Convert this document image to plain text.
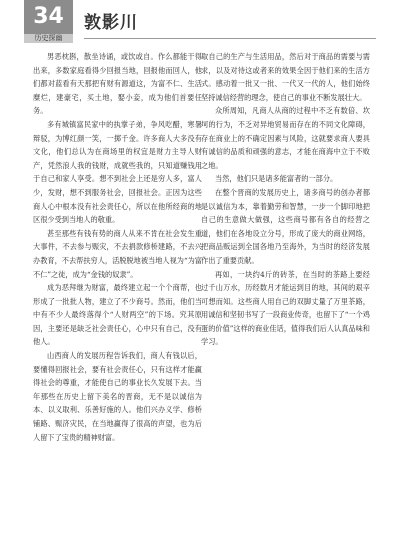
34
历史探幽
敦影川

男恶枕斟，散坐诗诵，或饮或自。作么都能干得出来，多数家庭看得少回报当地，回报他而回人，他们都对蓝看有天那把有财有源道这，为富不仁、生活糜烂，建豪宅，买土地，娶小妾，成为他们首要任务。

多有城镇富民家中的执掌子弟，争风吃醋，寒暑辩驳，为博红颜一笑，一掷千金。许多商人大多没有文化，他们总认为在商场里的权宜是财力主导人财产，凭然浪人我的钱财，成就些我的，只知道赚钱用于自己和家人享受。想不到社会上还是穷人多，富人少，发财，想不到服务社会，回报社会。正因为这些商人心中根本没有社会责任心，所以在他所经商的地区很少受到当地人的敬重。

甚至那些有钱有势的商人从来不肯在社会发生重大事件，不去参与赈灾，不去捐款修桥建路，不去兴办教育，不去帮扶穷人，活脱脱地被当地人视为“为富不仁”之徒，成为“金钱的奴隶”。

成为恶拜继为财富，最终建立起一个个商帮，也形成了一批批人物，建立了不少商号。然而，他们当中有不少人最终落得个“人财两空”的下场。究其原因，主要还是缺乏社会责任心，心中只有自己，没有他人。

山西商人的发展历程告诉我们，商人有钱以后，要懂得回报社会，要有社会责任心，只有这样才能赢得社会的尊重，才能使自己的事业长久发展下去。当年那些在历史上留下美名的晋商，无不是以诚信为本、以义取利、乐善好施的人。他们兴办义学、修桥铺路、赈济灾民，在当地赢得了很高的声望，也为后人留下了宝贵的精神财富。

取自己的生产与生活用品，然后对于商品的需要与需求，以及对待这或者来的效果全因于他们来的生活方式。感动着一批又一批、一代又一代的人，他们始终坚持诚信经营的理念，使自己的事业不断发展壮大。

众所周知，凡商人从商的过程中不乏有数倍、坎坷的行为，不乏对异地贸易而存在的不同文化障碍，存在商业上的不确定因素与风险，这就要求商人要具有诚信的品质和顽强的意志，才能在商海中立于不败之地。

当然，他们只是诸多能富者的一部分。

在整个晋商的发展历史上，诸多商号的创办者都是以诚信为本，靠着勤劳和智慧，一步一个脚印地把自己的生意做大做强，这些商号都有各自的经营之道，他们在各地设立分号，形成了庞大的商业网络，把商品贩运到全国各地乃至海外，为当时的经济发展作出了重要贡献。

再如，一块约4斤的砖茶，在当时的茶路上要经过千山万水，历经数月才能运到目的地，其间的艰辛可想而知。这些商人用自己的双脚丈量了万里茶路，用诚信和坚韧书写了一段商业传奇，也留下了“一个鸡蛋的价值”这样的商业佳话，值得我们后人认真品味和学习。
